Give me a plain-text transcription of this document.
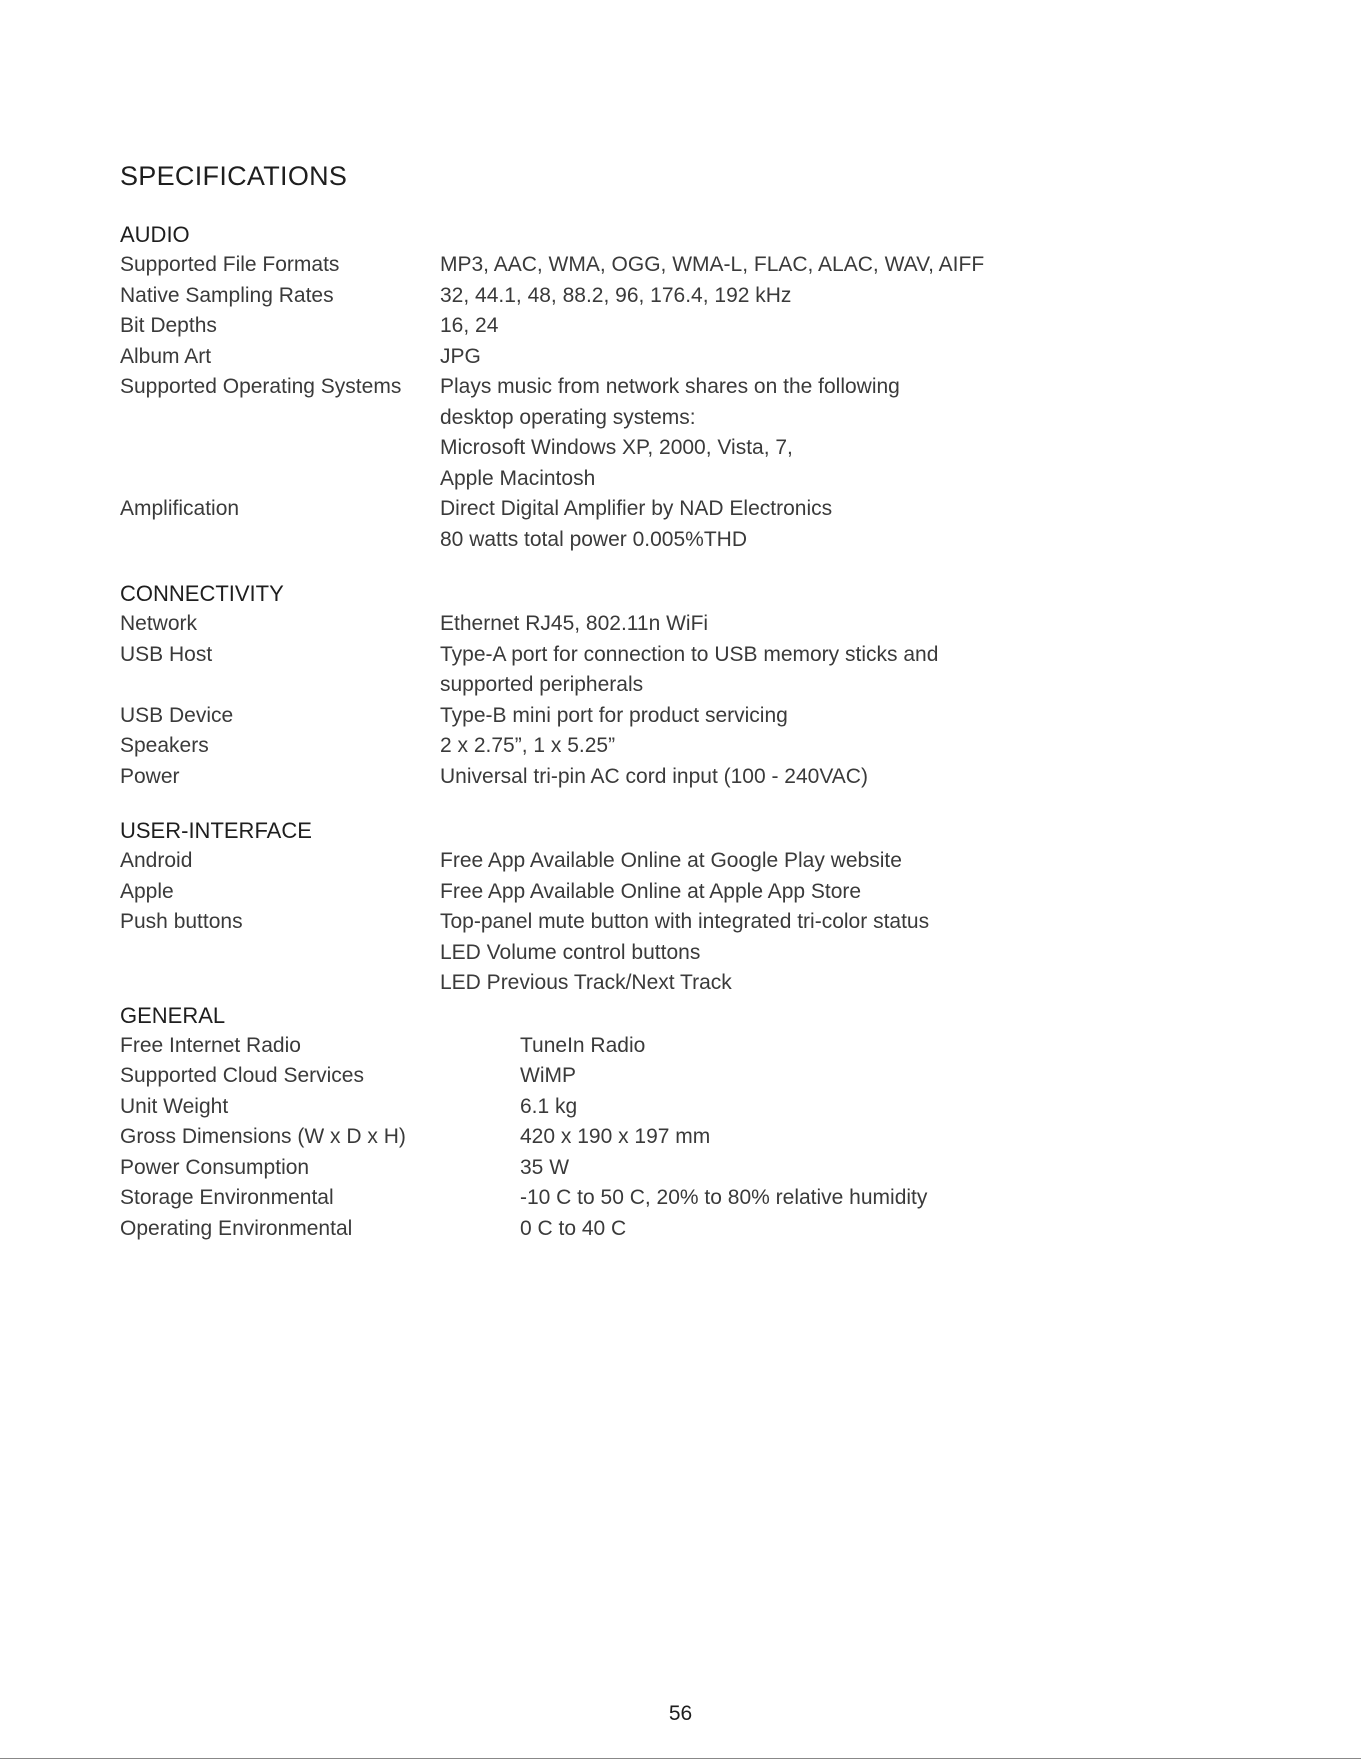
SPECIFICATIONS
AUDIO
Supported File Formats	MP3, AAC, WMA, OGG, WMA-L, FLAC, ALAC, WAV, AIFF
Native Sampling Rates	32, 44.1, 48, 88.2, 96, 176.4, 192 kHz
Bit Depths	16, 24
Album Art	JPG
Supported Operating Systems	Plays music from network shares on the following
desktop operating systems:
Microsoft Windows XP, 2000, Vista, 7,
Apple Macintosh
Amplification	Direct Digital Amplifier by NAD Electronics
80 watts total power 0.005%THD
CONNECTIVITY
Network	Ethernet RJ45, 802.11n WiFi
USB Host	Type-A port for connection to USB memory sticks and
supported peripherals
USB Device	Type-B mini port for product servicing
Speakers	2 x 2.75”, 1 x 5.25”
Power	Universal tri-pin AC cord input (100 - 240VAC)
USER-INTERFACE
Android	Free App Available Online at Google Play website
Apple	Free App Available Online at Apple App Store
Push buttons	Top-panel mute button with integrated tri-color status
LED Volume control buttons
LED Previous Track/Next Track
GENERAL
Free Internet Radio	TuneIn Radio
Supported Cloud Services	WiMP
Unit Weight	6.1 kg
Gross Dimensions (W x D x H)	420 x 190 x 197 mm
Power Consumption	35 W
Storage Environmental	-10 C to 50 C, 20% to 80% relative humidity
Operating Environmental	0 C to 40 C
56
